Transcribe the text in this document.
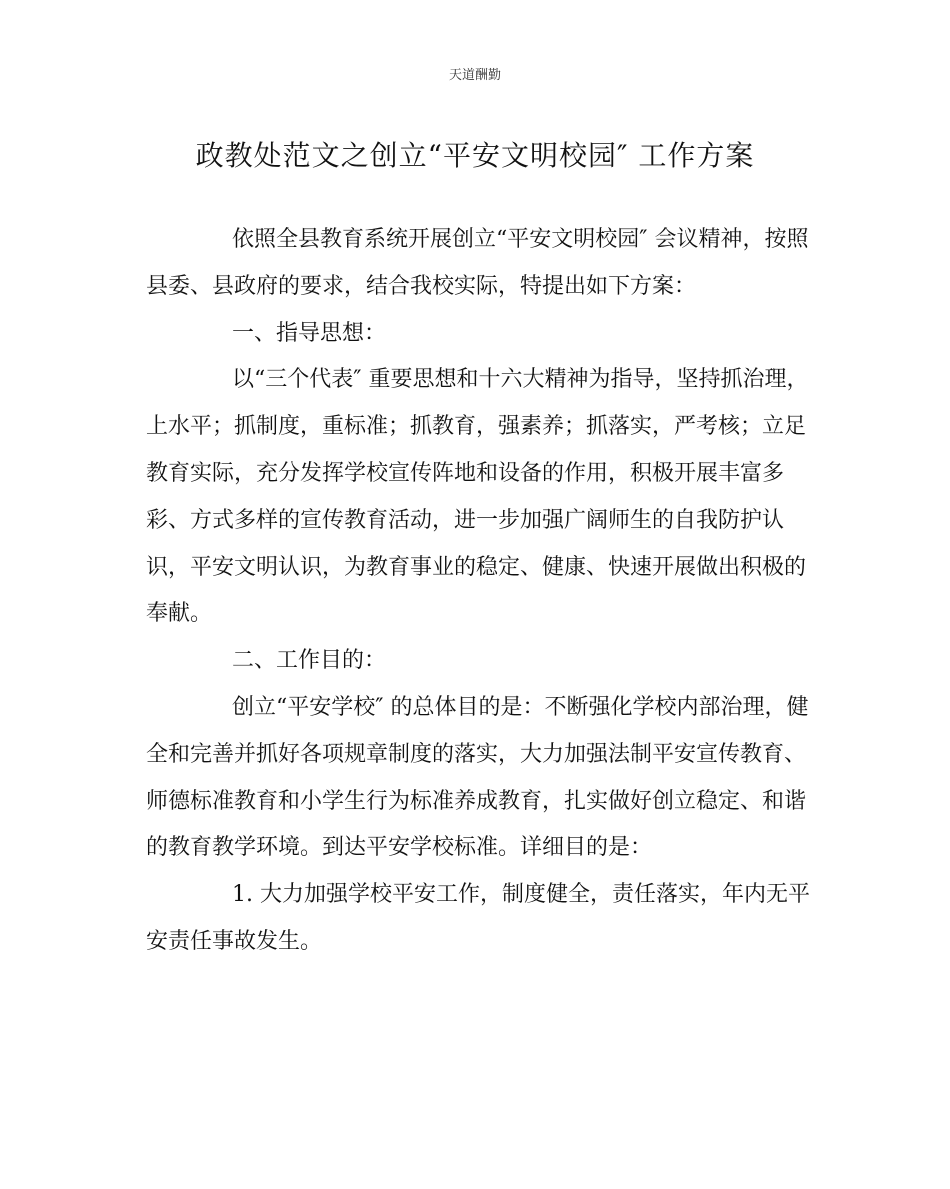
天道酬勤
政教处范文之创立“平安文明校园″ 工作方案
依照全县教育系统开展创立“平安文明校园″ 会议精神，按照
县委、县政府的要求，结合我校实际，特提出如下方案：
一、指导思想：
以“三个代表″ 重要思想和十六大精神为指导，坚持抓治理，
上水平；抓制度，重标准；抓教育，强素养；抓落实，严考核；立足
教育实际，充分发挥学校宣传阵地和设备的作用，积极开展丰富多
彩、方式多样的宣传教育活动，进一步加强广阔师生的自我防护认
识，平安文明认识，为教育事业的稳定、健康、快速开展做出积极的
奉献。
二、工作目的：
创立“平安学校″ 的总体目的是：不断强化学校内部治理，健
全和完善并抓好各项规章制度的落实，大力加强法制平安宣传教育、
师德标准教育和小学生行为标准养成教育，扎实做好创立稳定、和谐
的教育教学环境。到达平安学校标准。详细目的是：
1. 大力加强学校平安工作，制度健全，责任落实，年内无平
安责任事故发生。
